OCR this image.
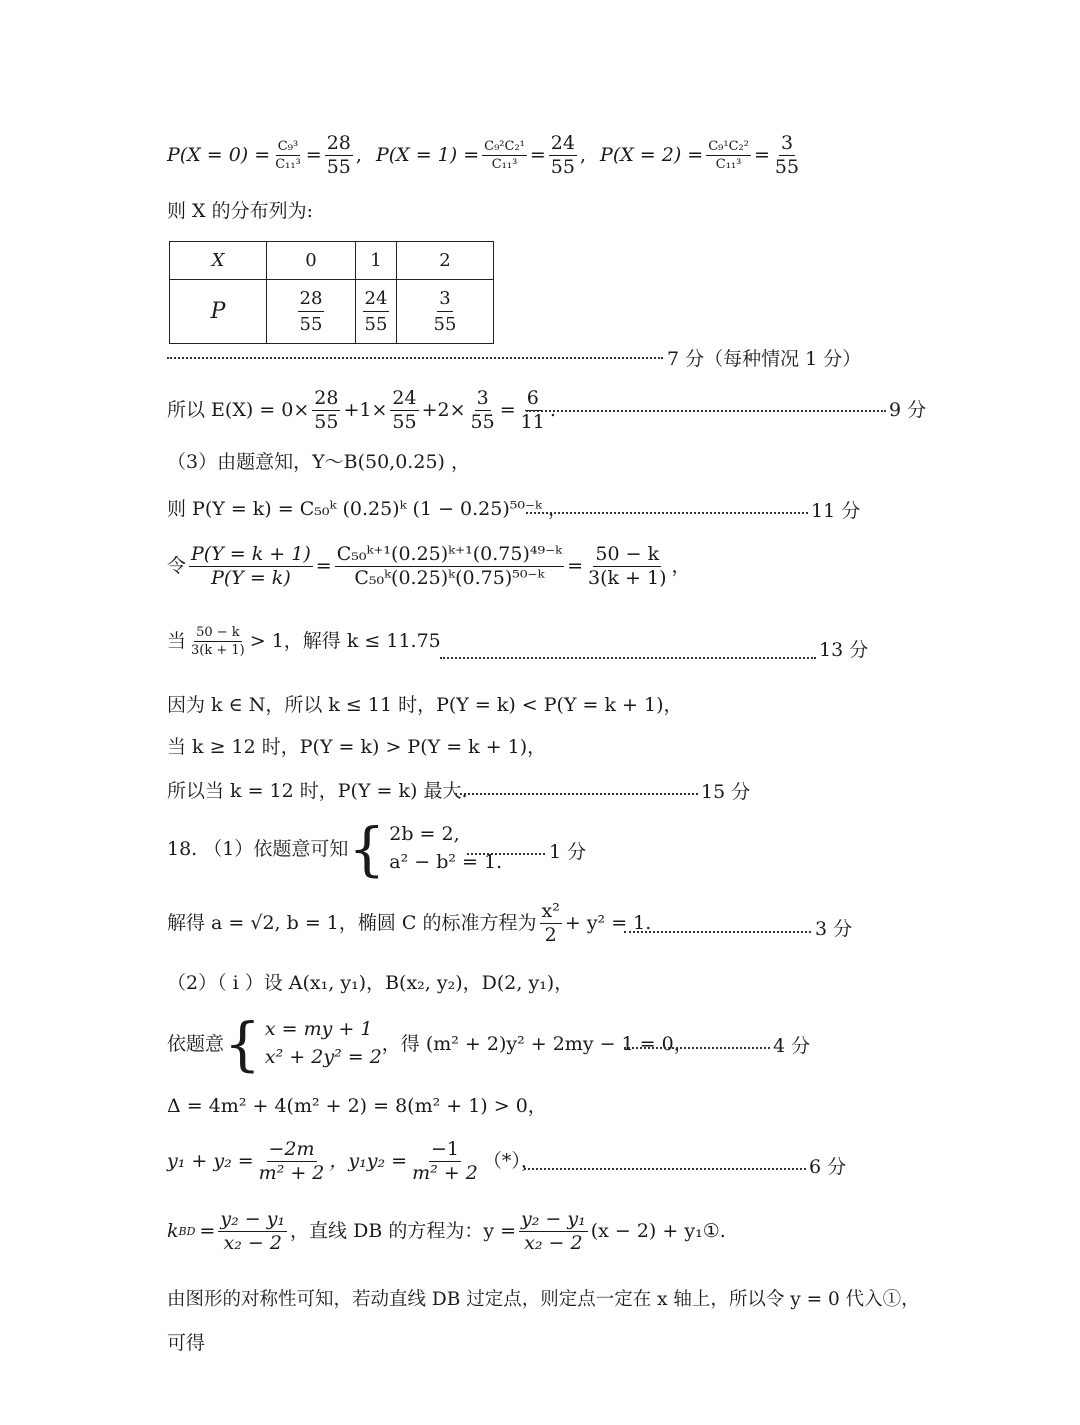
$P(X = 0) = \frac{\text{C₉³}}{\text{C₁₁³}} = \frac{28}{55}$ , $P(X = 1) = \frac{\text{C₉²C₂¹}}{\text{C₁₁³}} = \frac{24}{55}$ , $P(X = 2) = \frac{\text{C₉¹C₂²}}{\text{C₁₁³}} = \frac{3}{55}$
则 X 的分布列为:
X	0	1	2
P	$\frac{28}{55}$	$\frac{24}{55}$	$\frac{3}{55}$
7 分（每种情况 1 分）
所以 $E(X) = 0\times \frac{28}{55} +1\times \frac{24}{55} +2\times \frac{3}{55} = \frac{6}{11}$ .	9 分
（3）由题意知，Y～B(50,0.25) ，
则 P(Y = k) = C₅₀ᵏ (0.25)ᵏ (1 − 0.25)⁵⁰⁻ᵏ ，	11 分
令 $\frac{P(Y = k + 1)}{P(Y = k)} = \frac{\text{C₅₀ᵏ⁺¹(0.25)ᵏ⁺¹(0.75)⁴⁹⁻ᵏ}}{\text{C₅₀ᵏ(0.25)ᵏ(0.75)⁵⁰⁻ᵏ}} = \frac{50 - k}{3(k + 1)}$ ，
当 $\frac{50 - k}{3(k + 1)} > 1$，解得 k ≤ 11.75	13 分
因为 k ∈ N，所以 k ≤ 11 时，P(Y = k) < P(Y = k + 1)，
当 k ≥ 12 时，P(Y = k) > P(Y = k + 1)，
所以当 k = 12 时，P(Y = k) 最大.	15 分
18. （1）依题意可知 { 2b = 2,
a² − b² = 1. 1 分
解得 a = √2, b = 1，椭圆 C 的标准方程为 $\frac{\text{x²}}{2} + y^2 = 1$.	3 分
（2）（ i ）设 A(x₁, y₁)，B(x₂, y₂)，D(2, y₁)，
依题意 { x = my + 1
x² + 2y² = 2
，得 (m² + 2)y² + 2my − 1 = 0，	4 分
Δ = 4m² + 4(m² + 2) = 8(m² + 1) > 0，
$y_1 + y_2 = \frac{-2m}{\text{m² + 2}}$ ，$y_1y_2 = \frac{-1}{\text{m² + 2}}$ （*），	6 分
k BD = $\frac{\text{y₂ − y₁}}{\text{x₂ − 2}}$ ，直线 DB 的方程为：$y = \frac{\text{y₂ − y₁}}{\text{x₂ − 2}} (x - 2)$ + y₁①.
由图形的对称性可知，若动直线 DB 过定点，则定点一定在 x 轴上，所以令 y = 0 代入①，
可得
